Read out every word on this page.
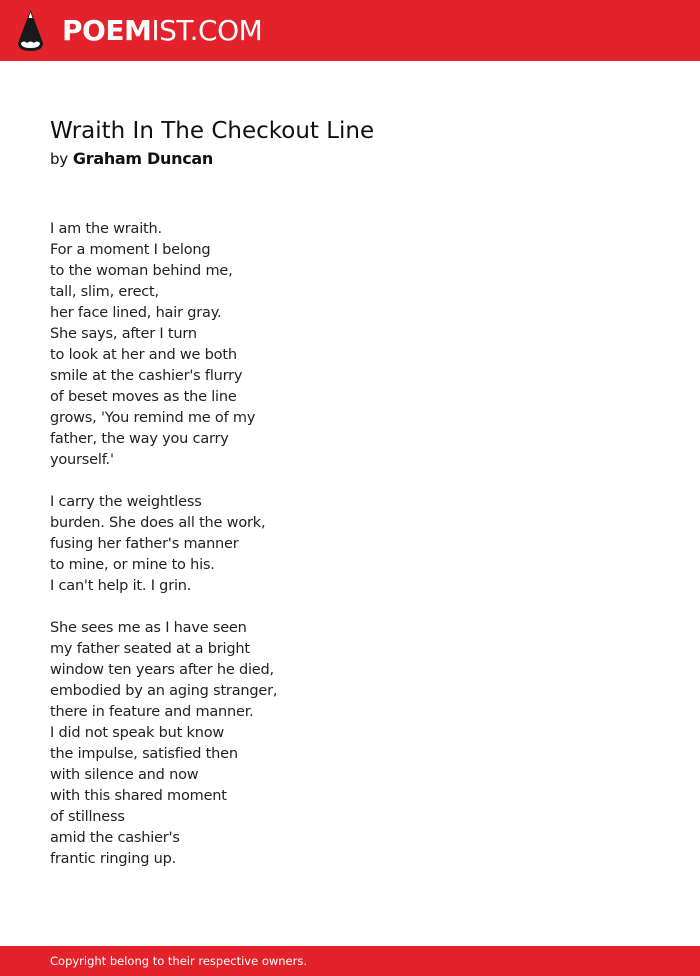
POEMIST.COM
Wraith In The Checkout Line
by Graham Duncan
I am the wraith.
For a moment I belong
to the woman behind me,
tall, slim, erect,
her face lined, hair gray.
She says, after I turn
to look at her and we both
smile at the cashier's flurry
of beset moves as the line
grows, 'You remind me of my
father, the way you carry
yourself.'
I carry the weightless
burden. She does all the work,
fusing her father's manner
to mine, or mine to his.
I can't help it. I grin.
She sees me as I have seen
my father seated at a bright
window ten years after he died,
embodied by an aging stranger,
there in feature and manner.
I did not speak but know
the impulse, satisfied then
with silence and now
with this shared moment
of stillness
amid the cashier's
frantic ringing up.
Copyright belong to their respective owners.
